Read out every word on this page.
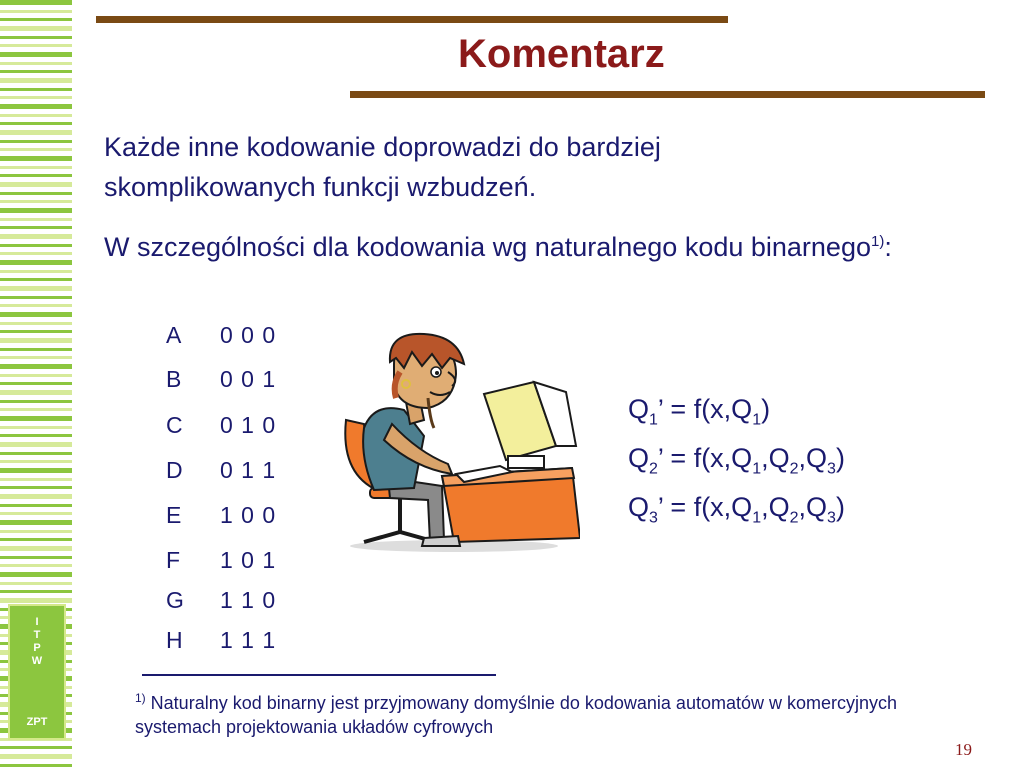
I
T
P
W
ZPT
Komentarz

Każde inne kodowanie doprowadzi do bardziej skomplikowanych funkcji wzbudzeń.

W szczególności dla kodowania wg naturalnego kodu binarnego$^{1)}$:

A 0 0 0
B 0 0 1
C 0 1 0
D 0 1 1
E 1 0 0
F 1 0 1
G 1 1 0
H 1 1 1
$Q_1$’ = $f(x,Q_1)$
$Q_2$’ = $f(x,Q_1,Q_2,Q_3)$
$Q_3$’ = $f(x,Q_1,Q_2,Q_3)$

$^{1)}$ Naturalny kod binarny jest przyjmowany domyślnie do kodowania automatów w komercyjnych systemach projektowania układów cyfrowych

19
